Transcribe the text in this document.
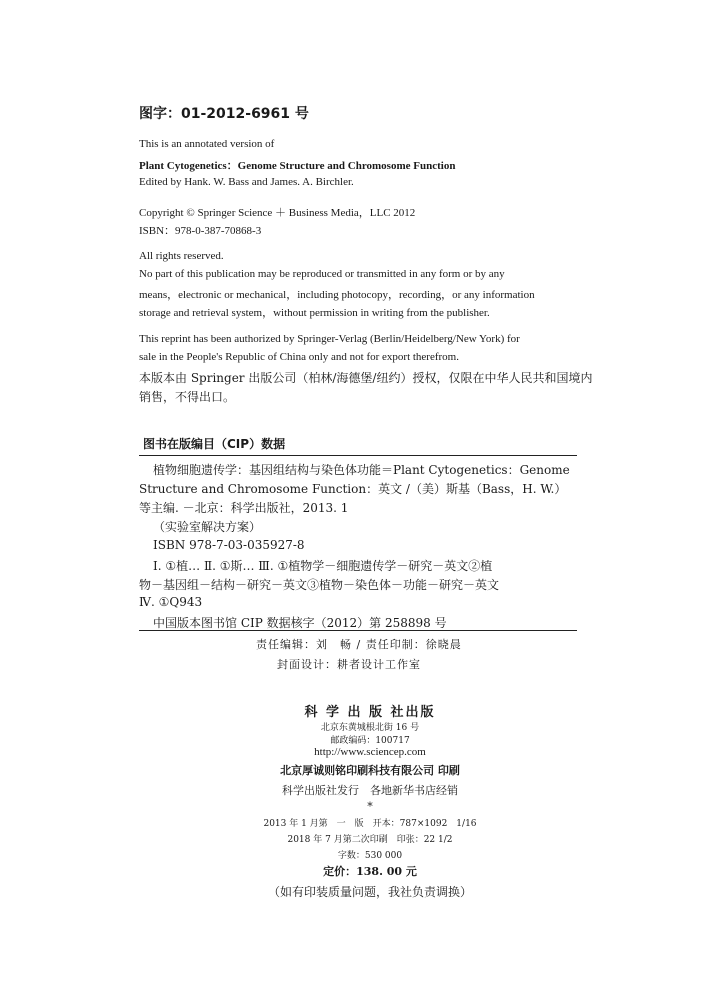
图字：01-2012-6961 号
This is an annotated version of
Plant Cytogenetics：Genome Structure and Chromosome Function
Edited by Hank. W. Bass and James. A. Birchler.
Copyright © Springer Science ＋ Business Media，LLC 2012
ISBN：978-0-387-70868-3
All rights reserved.
No part of this publication may be reproduced or transmitted in any form or by any
means，electronic or mechanical，including photocopy，recording，or any information
storage and retrieval system，without permission in writing from the publisher.
This reprint has been authorized by Springer-Verlag (Berlin/Heidelberg/New York) for
sale in the People's Republic of China only and not for export therefrom.
本版本由 Springer 出版公司（柏林/海德堡/纽约）授权，仅限在中华人民共和国境内
销售，不得出口。
图书在版编目（CIP）数据
植物细胞遗传学：基因组结构与染色体功能＝Plant Cytogenetics：Genome
Structure and Chromosome Function：英文 /（美）斯基（Bass，H. W.）
等主编. －北京：科学出版社，2013. 1
（实验室解决方案）
ISBN 978-7-03-035927-8
Ⅰ. ①植… Ⅱ. ①斯… Ⅲ. ①植物学－细胞遗传学－研究－英文②植
物－基因组－结构－研究－英文③植物－染色体－功能－研究－英文
Ⅳ. ①Q943
中国版本图书馆 CIP 数据核字（2012）第 258898 号
责任编辑：刘　畅 / 责任印制：徐晓晨
封面设计：耕者设计工作室
科 学 出 版 社出版
北京东黄城根北街 16 号
邮政编码：100717
http://www.sciencep.com
北京厚诚则铭印刷科技有限公司 印刷
科学出版社发行　各地新华书店经销
*
2013 年 1 月第　一　版　开本：787×1092　1/16
2018 年 7 月第二次印刷　印张：22 1/2
字数：530 000
定价：138. 00 元
（如有印装质量问题，我社负责调换）
